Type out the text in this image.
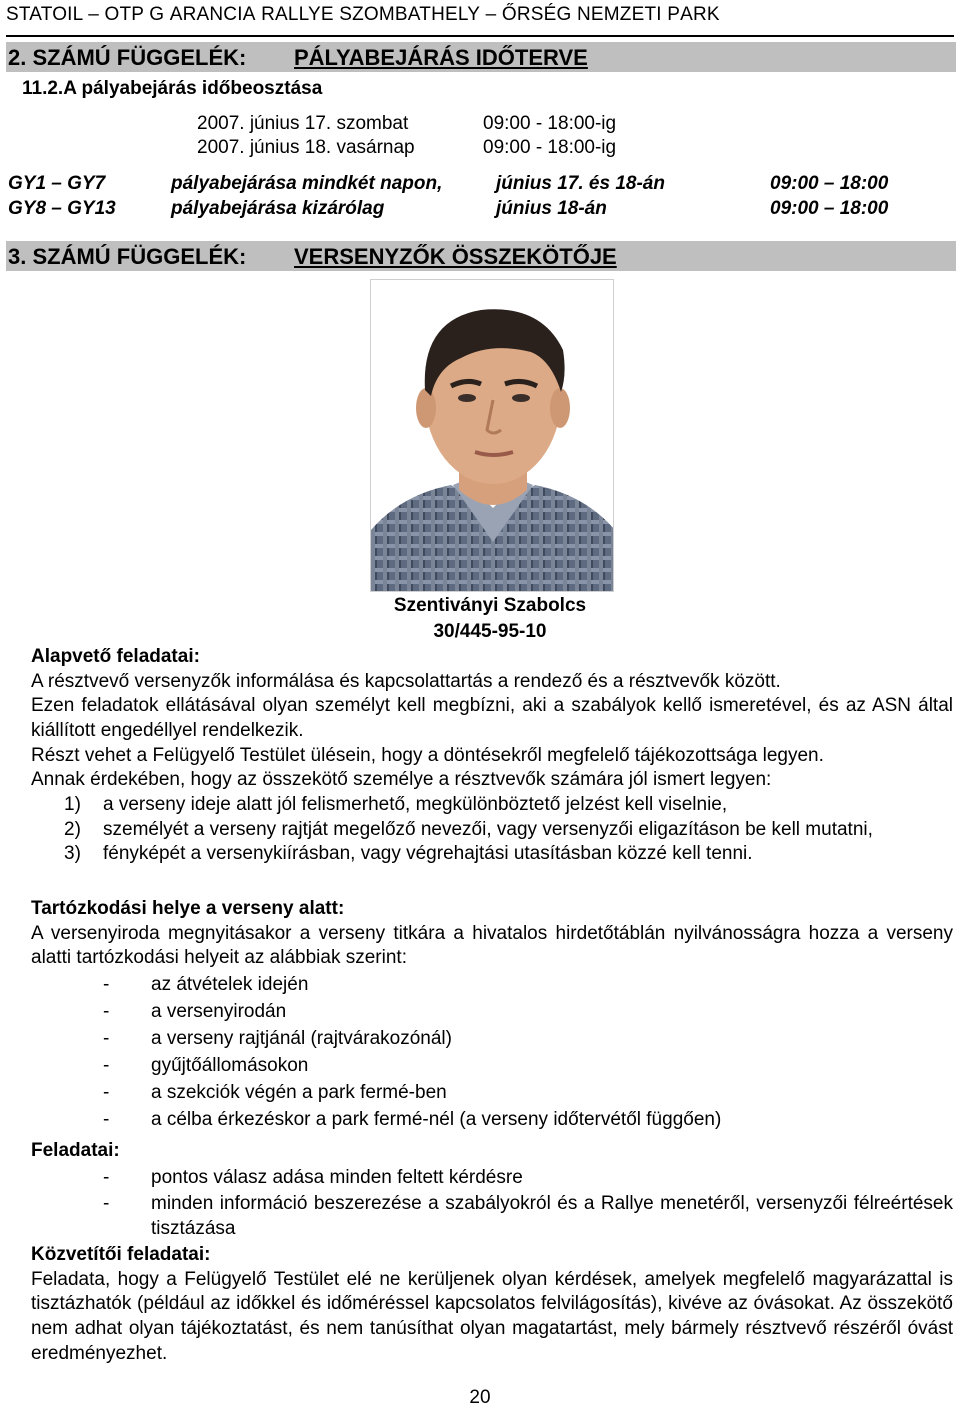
STATOIL – OTP G ARANCIA RALLYE SZOMBATHELY – ŐRSÉG NEMZETI PARK
2. SZÁMÚ FÜGGELÉK: PÁLYABEJÁRÁS IDŐTERVE
11.2.A pályabejárás időbeosztása
2007. június 17. szombat	09:00 - 18:00-ig
2007. június 18. vasárnap	09:00 - 18:00-ig
GY1 – GY7	pályabejárása mindkét napon,	június 17. és 18-án	09:00 – 18:00
GY8 – GY13	pályabejárása kizárólag	június 18-án	09:00 – 18:00
3. SZÁMÚ FÜGGELÉK: VERSENYZŐK ÖSSZEKÖTŐJE
Szentiványi Szabolcs
30/445-95-10
Alapvető feladatai:

A résztvevő versenyzők informálása és kapcsolattartás a rendező és a résztvevők között.

Ezen feladatok ellátásával olyan személyt kell megbízni, aki a szabályok kellő ismeretével, és az ASN által kiállított engedéllyel rendelkezik.

Részt vehet a Felügyelő Testület ülésein, hogy a döntésekről megfelelő tájékozottsága legyen.

Annak érdekében, hogy az összekötő személye a résztvevők számára jól ismert legyen:

1) a verseny ideje alatt jól felismerhető, megkülönböztető jelzést kell viselnie,
2) személyét a verseny rajtját megelőző nevezői, vagy versenyzői eligazításon be kell mutatni,
3) fényképét a versenykiírásban, vagy végrehajtási utasításban közzé kell tenni.
Tartózkodási helye a verseny alatt:

A versenyiroda megnyitásakor a verseny titkára a hivatalos hirdetőtáblán nyilvánosságra hozza a verseny alatti tartózkodási helyeit az alábbiak szerint:

- az átvételek idején
- a versenyirodán
- a verseny rajtjánál (rajtvárakozónál)
- gyűjtőállomásokon
- a szekciók végén a park fermé-ben
- a célba érkezéskor a park fermé-nél (a verseny időtervétől függően)
Feladatai:
- pontos válasz adása minden feltett kérdésre
- minden információ beszerezése a szabályokról és a Rallye menetéről, versenyzői félreértések tisztázása
Közvetítői feladatai:

Feladata, hogy a Felügyelő Testület elé ne kerüljenek olyan kérdések, amelyek megfelelő magyarázattal is tisztázhatók (például az időkkel és időméréssel kapcsolatos felvilágosítás), kivéve az óvásokat. Az összekötő nem adhat olyan tájékoztatást, és nem tanúsíthat olyan magatartást, mely bármely résztvevő részéről óvást eredményezhet.

20
